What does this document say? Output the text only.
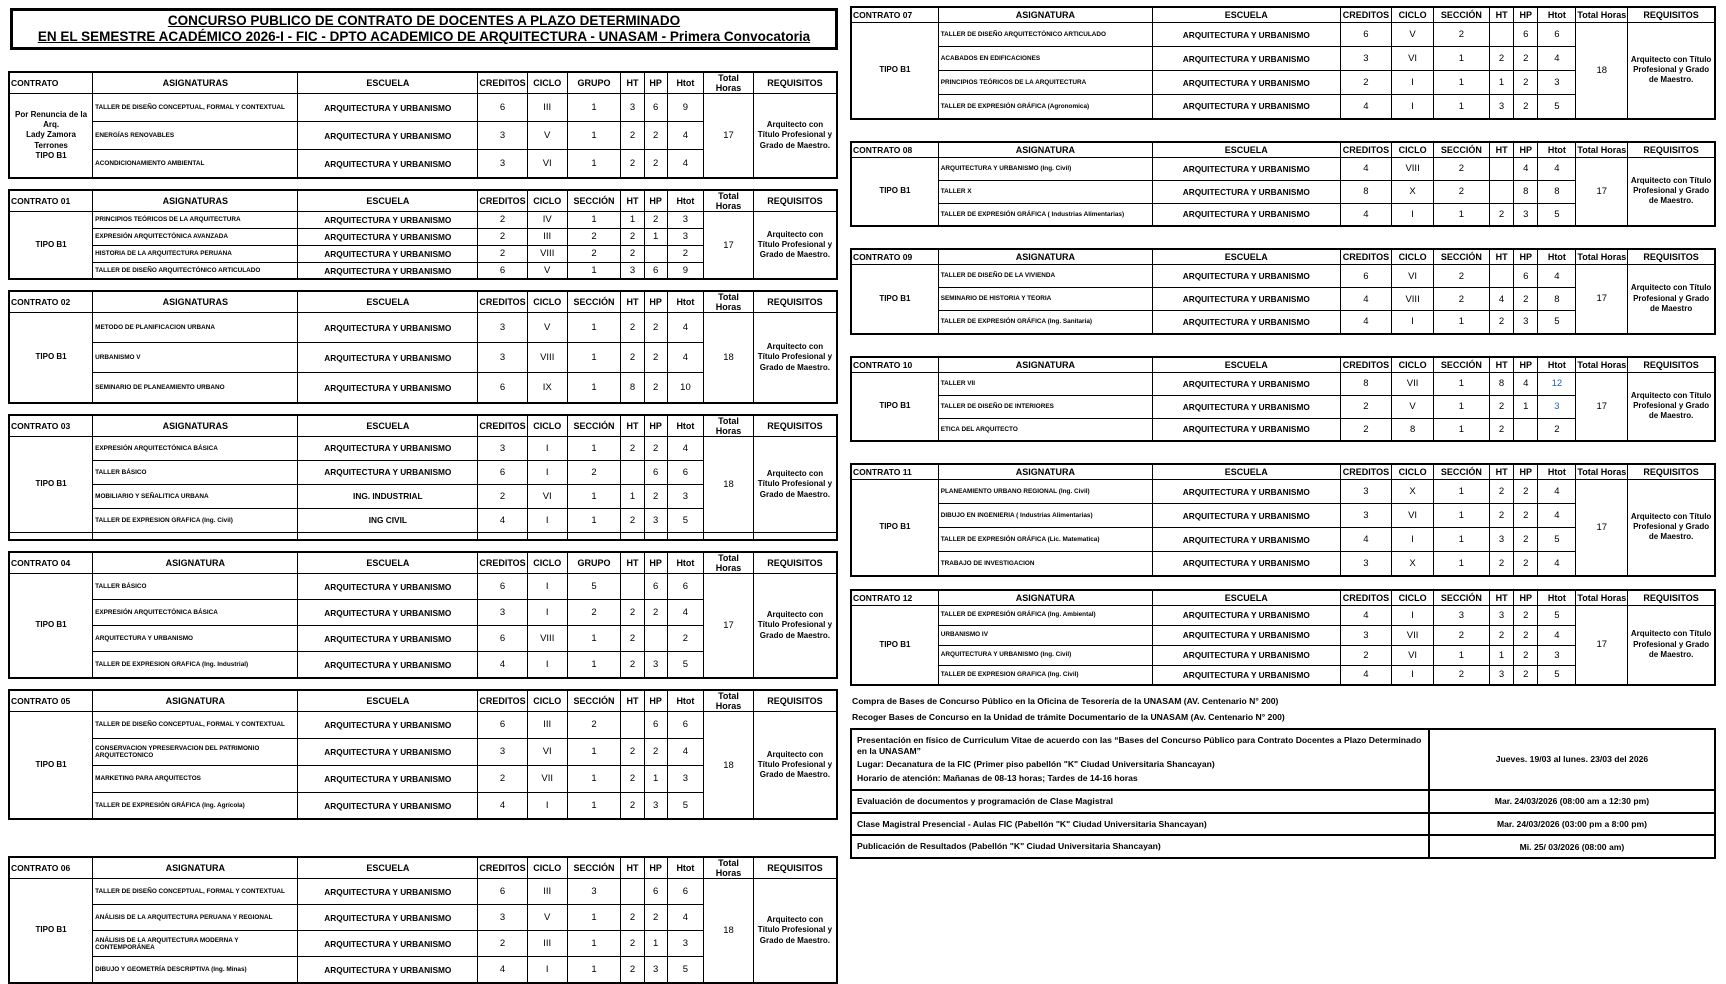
CONCURSO PUBLICO DE CONTRATO DE DOCENTES A PLAZO DETERMINADO
EN EL SEMESTRE ACADÉMICO 2026-I - FIC - DPTO ACADEMICO DE ARQUITECTURA - UNASAM - Primera Convocatoria
CONTRATO	ASIGNATURAS	ESCUELA	CREDITOS	CICLO	GRUPO	HT	HP	Htot	Total Horas	REQUISITOS
Por Renuncia de la Arq.
Lady Zamora Terrones
TIPO B1	TALLER DE DISEÑO CONCEPTUAL, FORMAL Y CONTEXTUAL	ARQUITECTURA Y URBANISMO	6	III	1	3	6	9	17	Arquitecto con Título Profesional y Grado de Maestro.
	ENERGÍAS RENOVABLES	ARQUITECTURA Y URBANISMO	3	V	1	2	2	4		
	ACONDICIONAMIENTO AMBIENTAL	ARQUITECTURA Y URBANISMO	3	VI	1	2	2	4		
CONTRATO 01	ASIGNATURAS	ESCUELA	CREDITOS	CICLO	SECCIÓN	HT	HP	Htot	Total Horas	REQUISITOS
TIPO B1	PRINCIPIOS TEÓRICOS DE LA ARQUITECTURA	ARQUITECTURA Y URBANISMO	2	IV	1	1	2	3	17	Arquitecto con Título Profesional y Grado de Maestro.
	EXPRESIÓN ARQUITECTÓNICA AVANZADA	ARQUITECTURA Y URBANISMO	2	III	2	2	1	3		
	HISTORIA DE LA ARQUITECTURA PERUANA	ARQUITECTURA Y URBANISMO	2	VIII	2	2		2		
	TALLER DE DISEÑO ARQUITECTÓNICO ARTICULADO	ARQUITECTURA Y URBANISMO	6	V	1	3	6	9		
CONTRATO 02	ASIGNATURAS	ESCUELA	CREDITOS	CICLO	SECCIÓN	HT	HP	Htot	Total Horas	REQUISITOS
TIPO B1	METODO DE PLANIFICACION URBANA	ARQUITECTURA Y URBANISMO	3	V	1	2	2	4	18	Arquitecto con Título Profesional y Grado de Maestro.
	URBANISMO V	ARQUITECTURA Y URBANISMO	3	VIII	1	2	2	4		
	SEMINARIO DE PLANEAMIENTO URBANO	ARQUITECTURA Y URBANISMO	6	IX	1	8	2	10		
CONTRATO 03	ASIGNATURAS	ESCUELA	CREDITOS	CICLO	SECCIÓN	HT	HP	Htot	Total Horas	REQUISITOS
TIPO B1	EXPRESIÓN ARQUITECTÓNICA BÁSICA	ARQUITECTURA Y URBANISMO	3	I	1	2	2	4	18	Arquitecto con Título Profesional y Grado de Maestro.
	TALLER BÁSICO	ARQUITECTURA Y URBANISMO	6	I	2		6	6		
	MOBILIARIO Y SEÑALITICA URBANA	ING. INDUSTRIAL	2	VI	1	1	2	3		
	TALLER DE EXPRESION GRAFICA (Ing. Civil)	ING CIVIL	4	I	1	2	3	5		

CONTRATO 04	ASIGNATURA	ESCUELA	CREDITOS	CICLO	GRUPO	HT	HP	Htot	Total Horas	REQUISITOS
TIPO B1	TALLER BÁSICO	ARQUITECTURA Y URBANISMO	6	I	5		6	6	17	Arquitecto con Título Profesional y Grado de Maestro.
	EXPRESIÓN ARQUITECTÓNICA BÁSICA	ARQUITECTURA Y URBANISMO	3	I	2	2	2	4		
	ARQUITECTURA Y URBANISMO	ARQUITECTURA Y URBANISMO	6	VIII	1	2		2		
	TALLER DE EXPRESION GRAFICA (Ing. Industrial)	ARQUITECTURA Y URBANISMO	4	I	1	2	3	5		
CONTRATO 05	ASIGNATURA	ESCUELA	CREDITOS	CICLO	SECCIÓN	HT	HP	Htot	Total Horas	REQUISITOS
TIPO B1	TALLER DE DISEÑO CONCEPTUAL, FORMAL Y CONTEXTUAL	ARQUITECTURA Y URBANISMO	6	III	2		6	6	18	Arquitecto con Título Profesional y Grado de Maestro.
	CONSERVACION YPRESERVACION DEL PATRIMONIO ARQUITECTONICO	ARQUITECTURA Y URBANISMO	3	VI	1	2	2	4		
	MARKETING PARA ARQUITECTOS	ARQUITECTURA Y URBANISMO	2	VII	1	2	1	3		
	TALLER DE EXPRESIÓN GRÁFICA (Ing. Agrícola)	ARQUITECTURA Y URBANISMO	4	I	1	2	3	5		
CONTRATO 06	ASIGNATURA	ESCUELA	CREDITOS	CICLO	SECCIÓN	HT	HP	Htot	Total Horas	REQUISITOS
TIPO B1	TALLER DE DISEÑO CONCEPTUAL, FORMAL Y CONTEXTUAL	ARQUITECTURA Y URBANISMO	6	III	3		6	6	18	Arquitecto con Título Profesional y Grado de Maestro.
	ANÁLISIS DE LA ARQUITECTURA PERUANA Y REGIONAL	ARQUITECTURA Y URBANISMO	3	V	1	2	2	4		
	ANÁLISIS DE LA ARQUITECTURA MODERNA Y CONTEMPORÁNEA	ARQUITECTURA Y URBANISMO	2	III	1	2	1	3		
	DIBUJO Y GEOMETRÍA DESCRIPTIVA (Ing. Minas)	ARQUITECTURA Y URBANISMO	4	I	1	2	3	5		
CONTRATO 07	ASIGNATURA	ESCUELA	CREDITOS	CICLO	SECCIÓN	HT	HP	Htot	Total Horas	REQUISITOS
TIPO B1	TALLER DE DISEÑO ARQUITECTÓNICO ARTICULADO	ARQUITECTURA Y URBANISMO	6	V	2		6	6	18	Arquitecto con Título Profesional y Grado de Maestro.
	ACABADOS EN EDIFICACIONES	ARQUITECTURA Y URBANISMO	3	VI	1	2	2	4		
	PRINCIPIOS TEÓRICOS DE LA ARQUITECTURA	ARQUITECTURA Y URBANISMO	2	I	1	1	2	3		
	TALLER DE EXPRESIÓN GRÁFICA (Agronomica)	ARQUITECTURA Y URBANISMO	4	I	1	3	2	5		
CONTRATO 08	ASIGNATURA	ESCUELA	CREDITOS	CICLO	SECCIÓN	HT	HP	Htot	Total Horas	REQUISITOS
TIPO B1	ARQUITECTURA Y URBANISMO (Ing. Civil)	ARQUITECTURA Y URBANISMO	4	VIII	2		4	4	17	Arquitecto con Título Profesional y Grado de Maestro.
	TALLER X	ARQUITECTURA Y URBANISMO	8	X	2		8	8		
	TALLER DE EXPRESIÓN GRÁFICA ( Industrias Alimentarias)	ARQUITECTURA Y URBANISMO	4	I	1	2	3	5		
CONTRATO 09	ASIGNATURA	ESCUELA	CREDITOS	CICLO	SECCIÓN	HT	HP	Htot	Total Horas	REQUISITOS
TIPO B1	TALLER DE DISEÑO DE LA VIVIENDA	ARQUITECTURA Y URBANISMO	6	VI	2		6	4	17	Arquitecto con Título Profesional y Grado de Maestro
	SEMINARIO DE HISTORIA Y TEORIA	ARQUITECTURA Y URBANISMO	4	VIII	2	4	2	8		
	TALLER DE EXPRESIÓN GRÁFICA (Ing. Sanitaria)	ARQUITECTURA Y URBANISMO	4	I	1	2	3	5		
CONTRATO 10	ASIGNATURA	ESCUELA	CREDITOS	CICLO	SECCIÓN	HT	HP	Htot	Total Horas	REQUISITOS
TIPO B1	TALLER VII	ARQUITECTURA Y URBANISMO	8	VII	1	8	4	12	17	Arquitecto con Título Profesional y Grado de Maestro.
	TALLER DE DISEÑO DE INTERIORES	ARQUITECTURA Y URBANISMO	2	V	1	2	1	3		
	ETICA DEL ARQUITECTO	ARQUITECTURA Y URBANISMO	2	8	1	2		2		
CONTRATO 11	ASIGNATURA	ESCUELA	CREDITOS	CICLO	SECCIÓN	HT	HP	Htot	Total Horas	REQUISITOS
TIPO B1	PLANEAMIENTO URBANO REGIONAL (Ing. Civil)	ARQUITECTURA Y URBANISMO	3	X	1	2	2	4	17	Arquitecto con Título Profesional y Grado de Maestro.
	DIBUJO EN INGENIERIA ( Industrias Alimentarias)	ARQUITECTURA Y URBANISMO	3	VI	1	2	2	4		
	TALLER DE EXPRESIÓN GRÁFICA (Lic. Matematica)	ARQUITECTURA Y URBANISMO	4	I	1	3	2	5		
	TRABAJO DE INVESTIGACION	ARQUITECTURA Y URBANISMO	3	X	1	2	2	4		
CONTRATO 12	ASIGNATURA	ESCUELA	CREDITOS	CICLO	SECCIÓN	HT	HP	Htot	Total Horas	REQUISITOS
TIPO B1	TALLER DE EXPRESIÓN GRÁFICA (Ing. Ambiental)	ARQUITECTURA Y URBANISMO	4	I	3	3	2	5	17	Arquitecto con Título Profesional y Grado de Maestro.
	URBANISMO IV	ARQUITECTURA Y URBANISMO	3	VII	2	2	2	4		
	ARQUITECTURA Y URBANISMO (Ing. Civil)	ARQUITECTURA Y URBANISMO	2	VI	1	1	2	3		
	TALLER DE EXPRESION GRAFICA (Ing. Civil)	ARQUITECTURA Y URBANISMO	4	I	2	3	2	5		
Compra de Bases de Concurso Público en la Oficina de Tesorería de la UNASAM (AV. Centenario N° 200)
Recoger Bases de Concurso en la Unidad de trámite Documentario de la UNASAM (Av. Centenario N° 200)
Presentación en físico de Curriculum Vitae de acuerdo con las “Bases del Concurso Público para Contrato Docentes a Plazo Determinado en la UNASAM”
Lugar: Decanatura de la FIC (Primer piso pabellón "K" Ciudad Universitaria Shancayan)
Horario de atención: Mañanas de 08-13 horas; Tardes de 14-16 horas	Jueves. 19/03 al lunes. 23/03 del 2026

Evaluación de documentos y programación de Clase Magistral	Mar. 24/03/2026 (08:00 am a 12:30 pm)

Clase Magistral Presencial - Aulas FIC (Pabellón "K" Ciudad Universitaria Shancayan)	Mar. 24/03/2026 (03:00 pm a 8:00 pm)

Publicación de Resultados (Pabellón "K" Ciudad Universitaria Shancayan)	Mi. 25/ 03/2026 (08:00 am)
